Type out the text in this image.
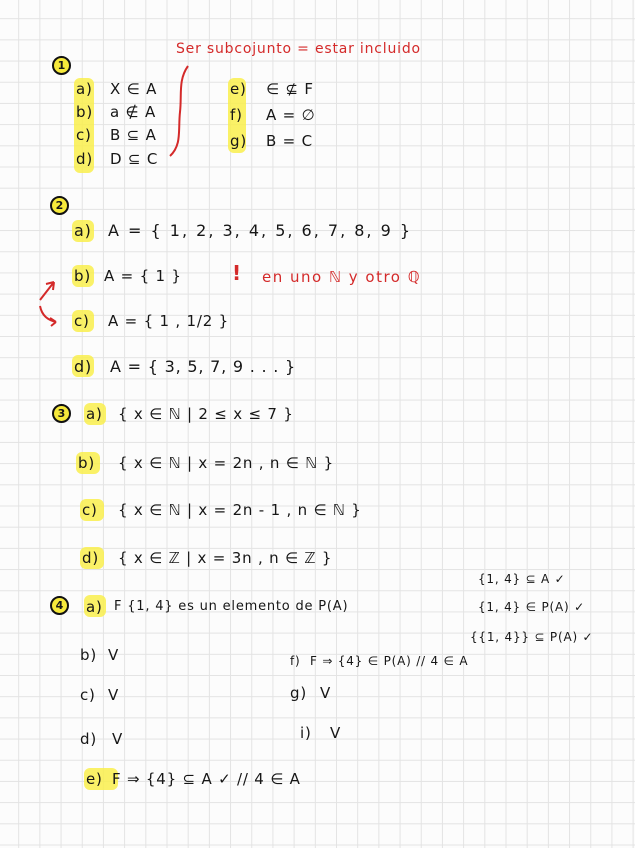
Ser subcojunto = estar incluido
1
a) X ∈ A
b) a ∉ A
c) B ⊆ A
d) D ⊆ C
e) ∈ ⊈ F
f) A = ∅
g) B = C
2
a) A = { 1, 2, 3, 4, 5, 6, 7, 8, 9 }
b) A = { 1 }	! en uno ℕ y otro ℚ
c) A = { 1 , 1/2 }
d) A = { 3, 5, 7, 9 . . . }
3	a) { x ∈ ℕ | 2 ≤ x ≤ 7 }
b) { x ∈ ℕ | x = 2n , n ∈ ℕ }
c) { x ∈ ℕ | x = 2n - 1 , n ∈ ℕ }
d) { x ∈ ℤ | x = 3n , n ∈ ℤ }
{1, 4} ⊆ A ✓
4	a) F {1, 4} es un elemento de P(A)	{1, 4} ∈ P(A) ✓
{{1, 4}} ⊆ P(A) ✓
b) V	f) F ⇒ {4} ∈ P(A) // 4 ∈ A
c) V	g) V
d) V	i) V
e) F ⇒ {4} ⊆ A ✓ // 4 ∈ A
